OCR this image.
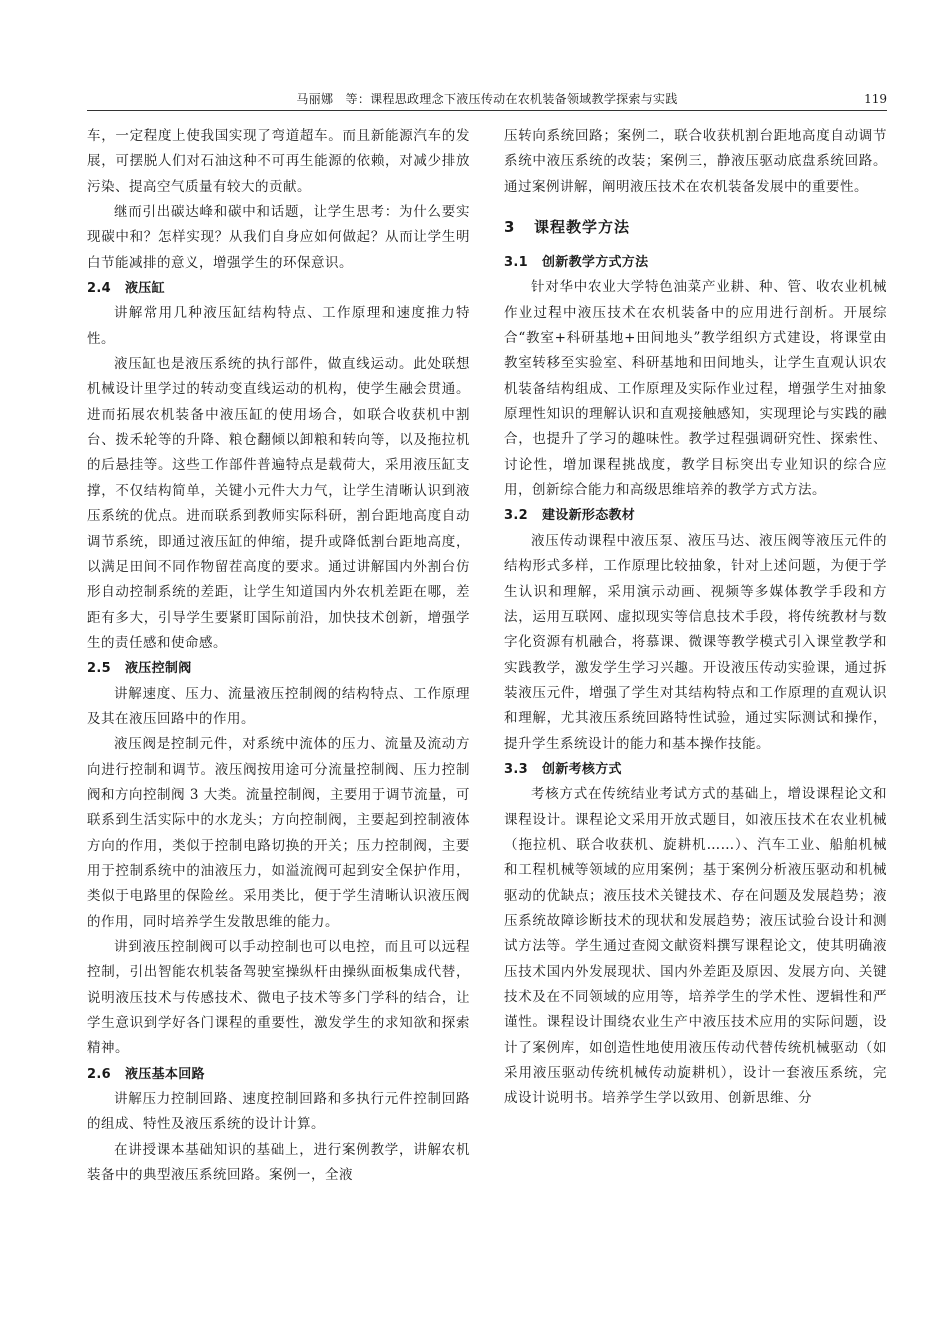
马丽娜　等：课程思政理念下液压传动在农机装备领域教学探索与实践	119

车，一定程度上使我国实现了弯道超车。而且新能源汽车的发展，可摆脱人们对石油这种不可再生能源的依赖，对减少排放污染、提高空气质量有较大的贡献。

继而引出碳达峰和碳中和话题，让学生思考：为什么要实现碳中和？怎样实现？从我们自身应如何做起？从而让学生明白节能减排的意义，增强学生的环保意识。

2.4 液压缸

讲解常用几种液压缸结构特点、工作原理和速度推力特性。

液压缸也是液压系统的执行部件，做直线运动。此处联想机械设计里学过的转动变直线运动的机构，使学生融会贯通。进而拓展农机装备中液压缸的使用场合，如联合收获机中割台、拨禾轮等的升降、粮仓翻倾以卸粮和转向等，以及拖拉机的后悬挂等。这些工作部件普遍特点是载荷大，采用液压缸支撑，不仅结构简单，关键小元件大力气，让学生清晰认识到液压系统的优点。进而联系到教师实际科研，割台距地高度自动调节系统，即通过液压缸的伸缩，提升或降低割台距地高度，以满足田间不同作物留茬高度的要求。通过讲解国内外割台仿形自动控制系统的差距，让学生知道国内外农机差距在哪，差距有多大，引导学生要紧盯国际前沿，加快技术创新，增强学生的责任感和使命感。

2.5 液压控制阀

讲解速度、压力、流量液压控制阀的结构特点、工作原理及其在液压回路中的作用。

液压阀是控制元件，对系统中流体的压力、流量及流动方向进行控制和调节。液压阀按用途可分流量控制阀、压力控制阀和方向控制阀 3 大类。流量控制阀，主要用于调节流量，可联系到生活实际中的水龙头；方向控制阀，主要起到控制液体方向的作用，类似于控制电路切换的开关；压力控制阀，主要用于控制系统中的油液压力，如溢流阀可起到安全保护作用，类似于电路里的保险丝。采用类比，便于学生清晰认识液压阀的作用，同时培养学生发散思维的能力。

讲到液压控制阀可以手动控制也可以电控，而且可以远程控制，引出智能农机装备驾驶室操纵杆由操纵面板集成代替，说明液压技术与传感技术、微电子技术等多门学科的结合，让学生意识到学好各门课程的重要性，激发学生的求知欲和探索精神。

2.6 液压基本回路

讲解压力控制回路、速度控制回路和多执行元件控制回路的组成、特性及液压系统的设计计算。

在讲授课本基础知识的基础上，进行案例教学，讲解农机装备中的典型液压系统回路。案例一，全液

压转向系统回路；案例二，联合收获机割台距地高度自动调节系统中液压系统的改装；案例三，静液压驱动底盘系统回路。通过案例讲解，阐明液压技术在农机装备发展中的重要性。

3 课程教学方法
3.1 创新教学方式方法

针对华中农业大学特色油菜产业耕、种、管、收农业机械作业过程中液压技术在农机装备中的应用进行剖析。开展综合“教室+科研基地+田间地头”教学组织方式建设，将课堂由教室转移至实验室、科研基地和田间地头，让学生直观认识农机装备结构组成、工作原理及实际作业过程，增强学生对抽象原理性知识的理解认识和直观接触感知，实现理论与实践的融合，也提升了学习的趣味性。教学过程强调研究性、探索性、讨论性，增加课程挑战度，教学目标突出专业知识的综合应用，创新综合能力和高级思维培养的教学方式方法。

3.2 建设新形态教材

液压传动课程中液压泵、液压马达、液压阀等液压元件的结构形式多样，工作原理比较抽象，针对上述问题，为便于学生认识和理解，采用演示动画、视频等多媒体教学手段和方法，运用互联网、虚拟现实等信息技术手段，将传统教材与数字化资源有机融合，将慕课、微课等教学模式引入课堂教学和实践教学，激发学生学习兴趣。开设液压传动实验课，通过拆装液压元件，增强了学生对其结构特点和工作原理的直观认识和理解，尤其液压系统回路特性试验，通过实际测试和操作，提升学生系统设计的能力和基本操作技能。

3.3 创新考核方式

考核方式在传统结业考试方式的基础上，增设课程论文和课程设计。课程论文采用开放式题目，如液压技术在农业机械（拖拉机、联合收获机、旋耕机……）、汽车工业、船舶机械和工程机械等领域的应用案例；基于案例分析液压驱动和机械驱动的优缺点；液压技术关键技术、存在问题及发展趋势；液压系统故障诊断技术的现状和发展趋势；液压试验台设计和测试方法等。学生通过查阅文献资料撰写课程论文，使其明确液压技术国内外发展现状、国内外差距及原因、发展方向、关键技术及在不同领域的应用等，培养学生的学术性、逻辑性和严谨性。课程设计围绕农业生产中液压技术应用的实际问题，设计了案例库，如创造性地使用液压传动代替传统机械驱动（如采用液压驱动传统机械传动旋耕机），设计一套液压系统，完成设计说明书。培养学生学以致用、创新思维、分
